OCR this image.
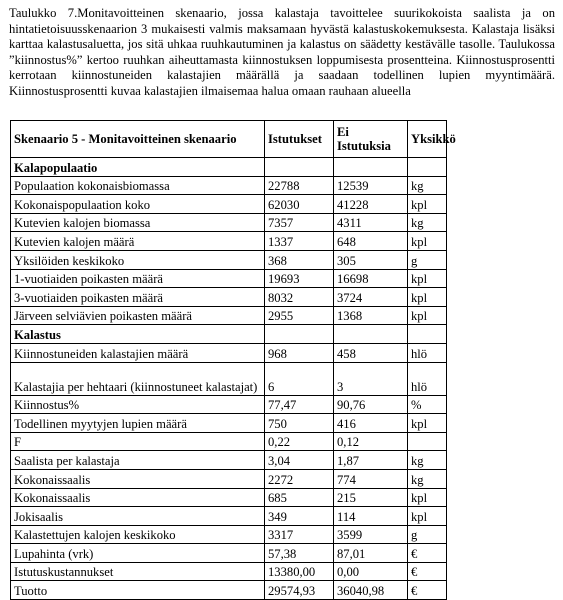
Taulukko 7.Monitavoitteinen skenaario, jossa kalastaja tavoittelee suurikokoista saalista ja on hintatietoisuusskenaarion 3 mukaisesti valmis maksamaan hyvästä kalastuskokemuksesta. Kalastaja lisäksi karttaa kalastusaluetta, jos sitä uhkaa ruuhkautuminen ja kalastus on säädetty kestävälle tasolle. Taulukossa ”kiinnostus%” kertoo ruuhkan aiheuttamasta kiinnostuksen loppumisesta prosentteina. Kiinnostusprosentti kerrotaan kiinnostuneiden kalastajien määrällä ja saadaan todellinen lupien myyntimäärä. Kiinnostusprosentti kuvaa kalastajien ilmaisemaa halua omaan rauhaan alueella
Skenaario 5 - Monitavoitteinen skenaario	Istutukset	Ei Istutuksia	Yksikkö
Kalapopulaatio			
Populaation kokonaisbiomassa	22788	12539	kg
Kokonaispopulaation koko	62030	41228	kpl
Kutevien kalojen biomassa	7357	4311	kg
Kutevien kalojen määrä	1337	648	kpl
Yksilöiden keskikoko	368	305	g
1-vuotiaiden poikasten määrä	19693	16698	kpl
3-vuotiaiden poikasten määrä	8032	3724	kpl
Järveen selviävien poikasten määrä	2955	1368	kpl
Kalastus			
Kiinnostuneiden kalastajien määrä	968	458	hlö
Kalastajia per hehtaari (kiinnostuneet kalastajat)	6	3	hlö
Kiinnostus%	77,47	90,76	%
Todellinen myytyjen lupien määrä	750	416	kpl
F	0,22	0,12	
Saalista per kalastaja	3,04	1,87	kg
Kokonaissaalis	2272	774	kg
Kokonaissaalis	685	215	kpl
Jokisaalis	349	114	kpl
Kalastettujen kalojen keskikoko	3317	3599	g
Lupahinta (vrk)	57,38	87,01	€
Istutuskustannukset	13380,00	0,00	€
Tuotto	29574,93	36040,98	€
